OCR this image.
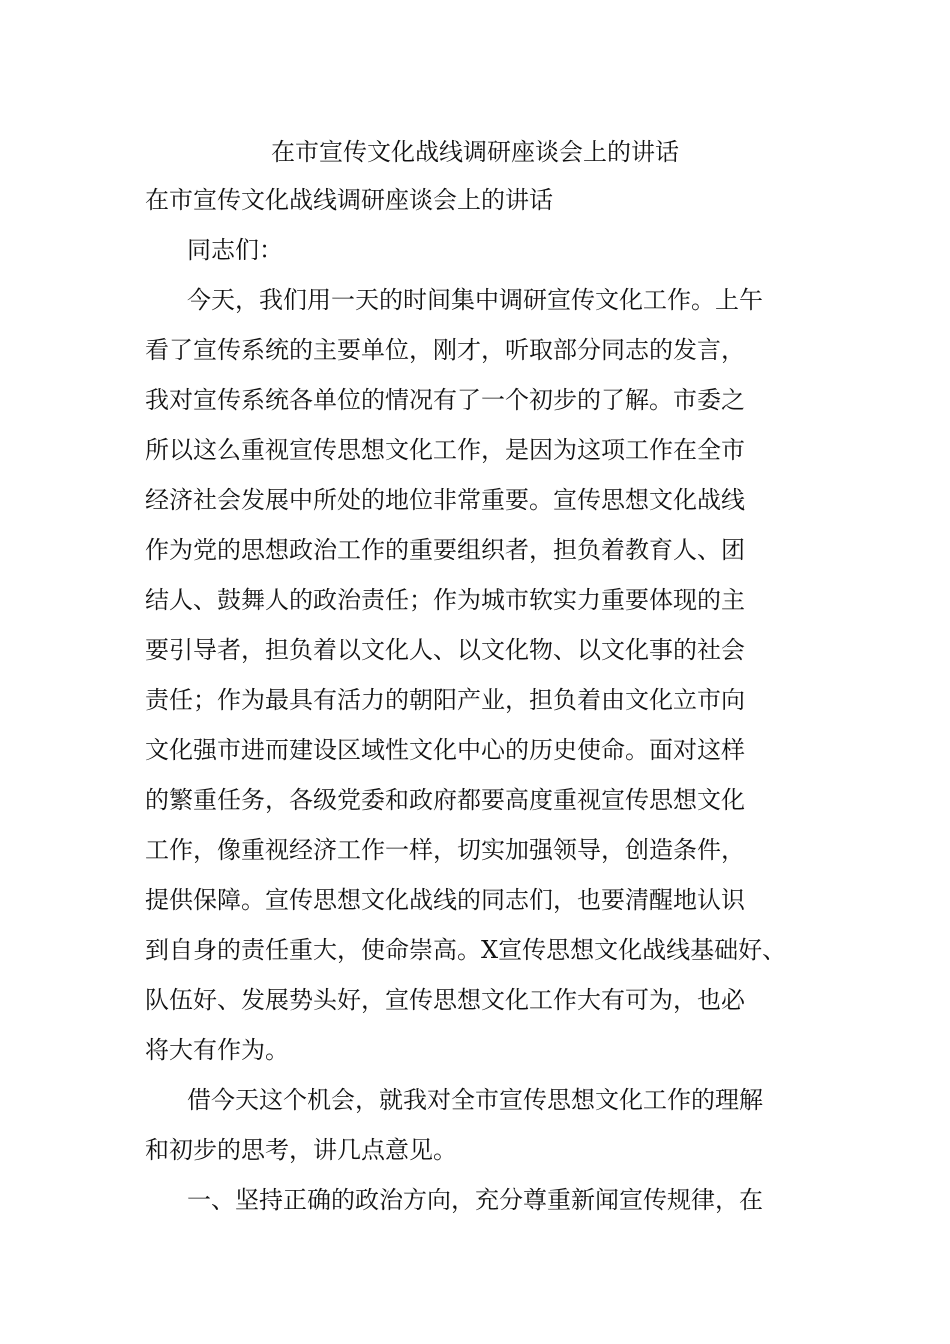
在市宣传文化战线调研座谈会上的讲话

在市宣传文化战线调研座谈会上的讲话

同志们：

今天，我们用一天的时间集中调研宣传文化工作。上午

看了宣传系统的主要单位，刚才，听取部分同志的发言，

我对宣传系统各单位的情况有了一个初步的了解。市委之

所以这么重视宣传思想文化工作，是因为这项工作在全市

经济社会发展中所处的地位非常重要。宣传思想文化战线

作为党的思想政治工作的重要组织者，担负着教育人、团

结人、鼓舞人的政治责任；作为城市软实力重要体现的主

要引导者，担负着以文化人、以文化物、以文化事的社会

责任；作为最具有活力的朝阳产业，担负着由文化立市向

文化强市进而建设区域性文化中心的历史使命。面对这样

的繁重任务，各级党委和政府都要高度重视宣传思想文化

工作，像重视经济工作一样，切实加强领导，创造条件，

提供保障。宣传思想文化战线的同志们，也要清醒地认识

到自身的责任重大，使命崇高。X宣传思想文化战线基础好、

队伍好、发展势头好，宣传思想文化工作大有可为，也必

将大有作为。

借今天这个机会，就我对全市宣传思想文化工作的理解

和初步的思考，讲几点意见。

一、坚持正确的政治方向，充分尊重新闻宣传规律，在
